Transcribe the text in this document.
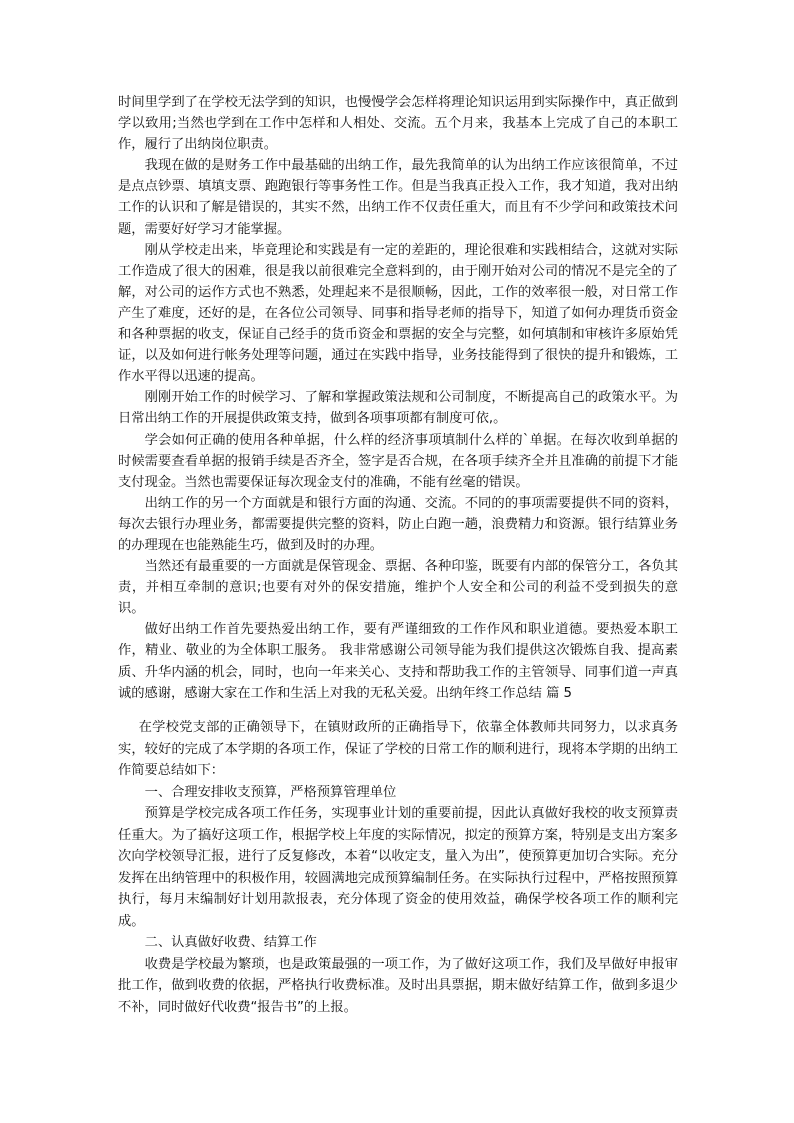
时间里学到了在学校无法学到的知识，也慢慢学会怎样将理论知识运用到实际操作中，真正做到学以致用;当然也学到在工作中怎样和人相处、交流。五个月来，我基本上完成了自己的本职工作，履行了出纳岗位职责。

我现在做的是财务工作中最基础的出纳工作，最先我简单的认为出纳工作应该很简单，不过是点点钞票、填填支票、跑跑银行等事务性工作。但是当我真正投入工作，我才知道，我对出纳工作的认识和了解是错误的，其实不然，出纳工作不仅责任重大，而且有不少学问和政策技术问题，需要好好学习才能掌握。

刚从学校走出来，毕竟理论和实践是有一定的差距的，理论很难和实践相结合，这就对实际工作造成了很大的困难，很是我以前很难完全意料到的，由于刚开始对公司的情况不是完全的了解，对公司的运作方式也不熟悉，处理起来不是很顺畅，因此，工作的效率很一般，对日常工作产生了难度，还好的是，在各位公司领导、同事和指导老师的指导下，知道了如何办理货币资金和各种票据的收支，保证自己经手的货币资金和票据的安全与完整，如何填制和审核许多原始凭证，以及如何进行帐务处理等问题，通过在实践中指导，业务技能得到了很快的提升和锻炼，工作水平得以迅速的提高。

刚刚开始工作的时候学习、了解和掌握政策法规和公司制度，不断提高自己的政策水平。为日常出纳工作的开展提供政策支持，做到各项事项都有制度可依,。

学会如何正确的使用各种单据，什么样的经济事项填制什么样的`单据。在每次收到单据的时候需要查看单据的报销手续是否齐全，签字是否合规，在各项手续齐全并且准确的前提下才能支付现金。当然也需要保证每次现金支付的准确，不能有丝毫的错误。

出纳工作的另一个方面就是和银行方面的沟通、交流。不同的的事项需要提供不同的资料，每次去银行办理业务，都需要提供完整的资料，防止白跑一趟，浪费精力和资源。银行结算业务的办理现在也能熟能生巧，做到及时的办理。

当然还有最重要的一方面就是保管现金、票据、各种印鉴，既要有内部的保管分工，各负其责，并相互牵制的意识;也要有对外的保安措施，维护个人安全和公司的利益不受到损失的意识。

做好出纳工作首先要热爱出纳工作，要有严谨细致的工作作风和职业道德。要热爱本职工作，精业、敬业的为全体职工服务。 我非常感谢公司领导能为我们提供这次锻炼自我、提高素质、升华内涵的机会，同时，也向一年来关心、支持和帮助我工作的主管领导、同事们道一声真诚的感谢，感谢大家在工作和生活上对我的无私关爱。出纳年终工作总结 篇 5

在学校党支部的正确领导下，在镇财政所的正确指导下，依靠全体教师共同努力，以求真务实，较好的完成了本学期的各项工作，保证了学校的日常工作的顺利进行，现将本学期的出纳工作简要总结如下：

一、合理安排收支预算，严格预算管理单位

预算是学校完成各项工作任务，实现事业计划的重要前提，因此认真做好我校的收支预算责任重大。为了搞好这项工作，根据学校上年度的实际情况，拟定的预算方案，特别是支出方案多次向学校领导汇报，进行了反复修改，本着“以收定支，量入为出”，使预算更加切合实际。充分发挥在出纳管理中的积极作用，较圆满地完成预算编制任务。在实际执行过程中，严格按照预算执行，每月末编制好计划用款报表，充分体现了资金的使用效益，确保学校各项工作的顺利完成。

二、认真做好收费、结算工作

收费是学校最为繁琐，也是政策最强的一项工作，为了做好这项工作，我们及早做好申报审批工作，做到收费的依据，严格执行收费标准。及时出具票据，期末做好结算工作，做到多退少不补，同时做好代收费“报告书”的上报。
